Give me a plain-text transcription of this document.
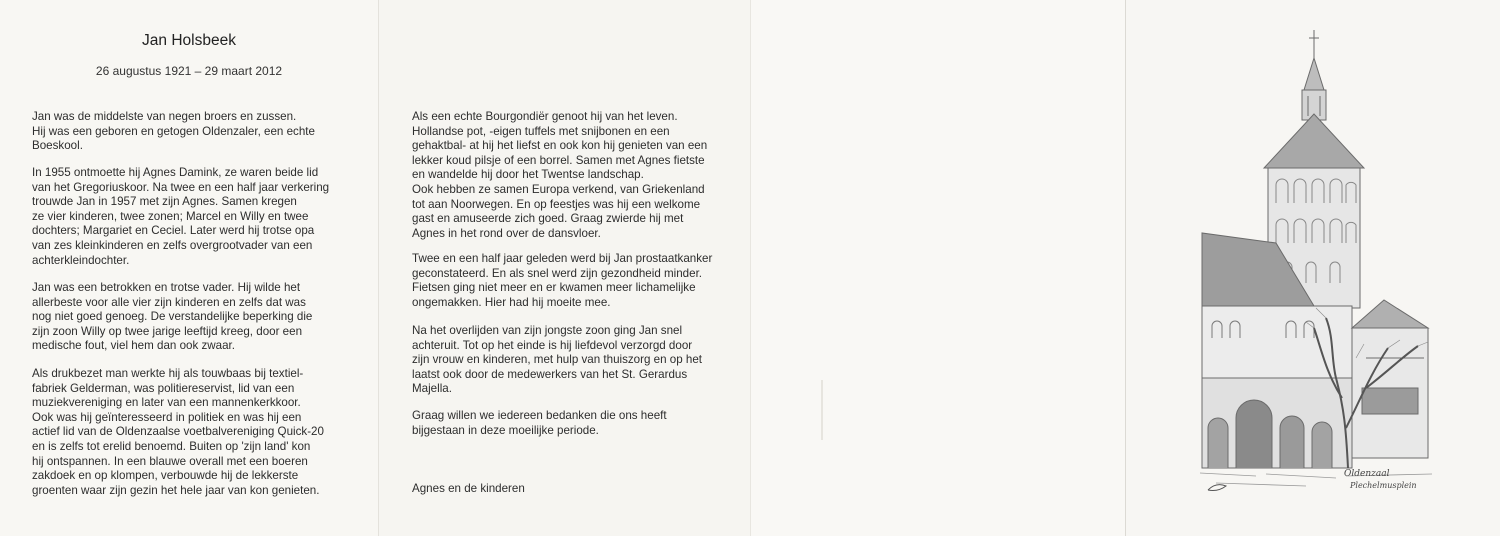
Jan Holsbeek
26 augustus 1921 – 29 maart 2012

Jan was de middelste van negen broers en zussen.
Hij was een geboren en getogen Oldenzaler, een echte
Boeskool.

In 1955 ontmoette hij Agnes Damink, ze waren beide lid
van het Gregoriuskoor. Na twee en een half jaar verkering
trouwde Jan in 1957 met zijn Agnes. Samen kregen
ze vier kinderen, twee zonen; Marcel en Willy en twee
dochters; Margariet en Ceciel. Later werd hij trotse opa
van zes kleinkinderen en zelfs overgrootvader van een
achterkleindochter.

Jan was een betrokken en trotse vader. Hij wilde het
allerbeste voor alle vier zijn kinderen en zelfs dat was
nog niet goed genoeg. De verstandelijke beperking die
zijn zoon Willy op twee jarige leeftijd kreeg, door een
medische fout, viel hem dan ook zwaar.

Als drukbezet man werkte hij als touwbaas bij textiel-
fabriek Gelderman, was politiereservist, lid van een
muziekvereniging en later van een mannenkerkkoor.
Ook was hij geïnteresseerd in politiek en was hij een
actief lid van de Oldenzaalse voetbalvereniging Quick-20
en is zelfs tot erelid benoemd. Buiten op 'zijn land' kon
hij ontspannen. In een blauwe overall met een boeren
zakdoek en op klompen, verbouwde hij de lekkerste
groenten waar zijn gezin het hele jaar van kon genieten.

Als een echte Bourgondiër genoot hij van het leven.
Hollandse pot, -eigen tuffels met snijbonen en een
gehaktbal- at hij het liefst en ook kon hij genieten van een
lekker koud pilsje of een borrel. Samen met Agnes fietste
en wandelde hij door het Twentse landschap.
Ook hebben ze samen Europa verkend, van Griekenland
tot aan Noorwegen. En op feestjes was hij een welkome
gast en amuseerde zich goed. Graag zwierde hij met
Agnes in het rond over de dansvloer.

Twee en een half jaar geleden werd bij Jan prostaatkanker
geconstateerd. En als snel werd zijn gezondheid minder.
Fietsen ging niet meer en er kwamen meer lichamelijke
ongemakken. Hier had hij moeite mee.

Na het overlijden van zijn jongste zoon ging Jan snel
achteruit. Tot op het einde is hij liefdevol verzorgd door
zijn vrouw en kinderen, met hulp van thuiszorg en op het
laatst ook door de medewerkers van het St. Gerardus
Majella.

Graag willen we iedereen bedanken die ons heeft
bijgestaan in deze moeilijke periode.

Agnes en de kinderen

Oldenzaal
Plechelmusplein
